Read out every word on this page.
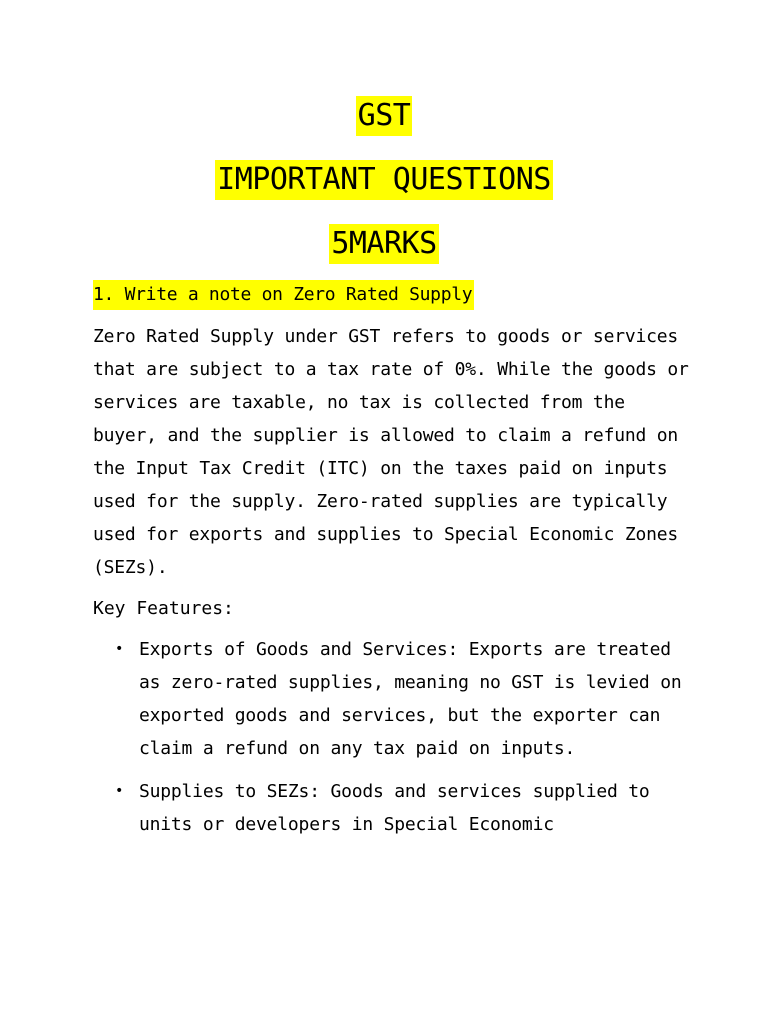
GST
IMPORTANT QUESTIONS
5MARKS
1. Write a note on Zero Rated Supply

Zero Rated Supply under GST refers to goods or services that are subject to a tax rate of 0%. While the goods or services are taxable, no tax is collected from the buyer, and the supplier is allowed to claim a refund on the Input Tax Credit (ITC) on the taxes paid on inputs used for the supply. Zero-rated supplies are typically used for exports and supplies to Special Economic Zones (SEZs).

Key Features:

• Exports of Goods and Services: Exports are treated as zero-rated supplies, meaning no GST is levied on exported goods and services, but the exporter can claim a refund on any tax paid on inputs.
• Supplies to SEZs: Goods and services supplied to units or developers in Special Economic
